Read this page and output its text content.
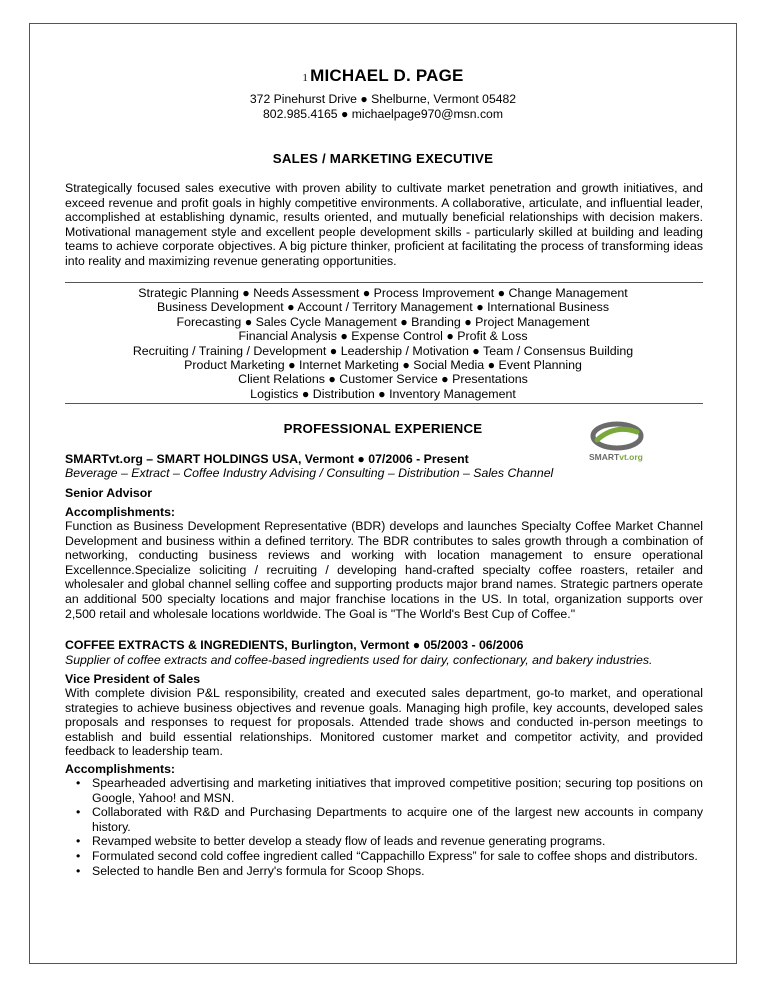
1 MICHAEL D. PAGE
372 Pinehurst Drive ● Shelburne, Vermont 05482
802.985.4165 ● michaelpage970@msn.com
SALES / MARKETING EXECUTIVE
Strategically focused sales executive with proven ability to cultivate market penetration and growth initiatives, and exceed revenue and profit goals in highly competitive environments. A collaborative, articulate, and influential leader, accomplished at establishing dynamic, results oriented, and mutually beneficial relationships with decision makers. Motivational management style and excellent people development skills - particularly skilled at building and leading teams to achieve corporate objectives. A big picture thinker, proficient at facilitating the process of transforming ideas into reality and maximizing revenue generating opportunities.
Strategic Planning ● Needs Assessment ● Process Improvement ● Change Management
Business Development ● Account / Territory Management ● International Business
Forecasting ● Sales Cycle Management ● Branding ● Project Management
Financial Analysis ● Expense Control ● Profit & Loss
Recruiting / Training / Development ● Leadership / Motivation ● Team / Consensus Building
Product Marketing ● Internet Marketing ● Social Media ● Event Planning
Client Relations ● Customer Service ● Presentations
Logistics ● Distribution ● Inventory Management
PROFESSIONAL EXPERIENCE
SMARTvt.org
SMARTvt.org – SMART HOLDINGS USA, Vermont ● 07/2006 - Present
Beverage – Extract – Coffee Industry Advising / Consulting – Distribution – Sales Channel
Senior Advisor
Accomplishments:
Function as Business Development Representative (BDR) develops and launches Specialty Coffee Market Channel Development and business within a defined territory. The BDR contributes to sales growth through a combination of networking, conducting business reviews and working with location management to ensure operational Excellennce.Specialize soliciting / recruiting / developing hand-crafted specialty coffee roasters, retailer and wholesaler and global channel selling coffee and supporting products major brand names. Strategic partners operate an additional 500 specialty locations and major franchise locations in the US. In total, organization supports over 2,500 retail and wholesale locations worldwide. The Goal is "The World's Best Cup of Coffee."
COFFEE EXTRACTS & INGREDIENTS, Burlington, Vermont ● 05/2003 - 06/2006
Supplier of coffee extracts and coffee-based ingredients used for dairy, confectionary, and bakery industries.
Vice President of Sales
With complete division P&L responsibility, created and executed sales department, go-to market, and operational strategies to achieve business objectives and revenue goals. Managing high profile, key accounts, developed sales proposals and responses to request for proposals. Attended trade shows and conducted in-person meetings to establish and build essential relationships. Monitored customer market and competitor activity, and provided feedback to leadership team.
Accomplishments:
• Spearheaded advertising and marketing initiatives that improved competitive position; securing top positions on Google, Yahoo! and MSN.
• Collaborated with R&D and Purchasing Departments to acquire one of the largest new accounts in company history.
• Revamped website to better develop a steady flow of leads and revenue generating programs.
• Formulated second cold coffee ingredient called “Cappachillo Express” for sale to coffee shops and distributors.
• Selected to handle Ben and Jerry's formula for Scoop Shops.
